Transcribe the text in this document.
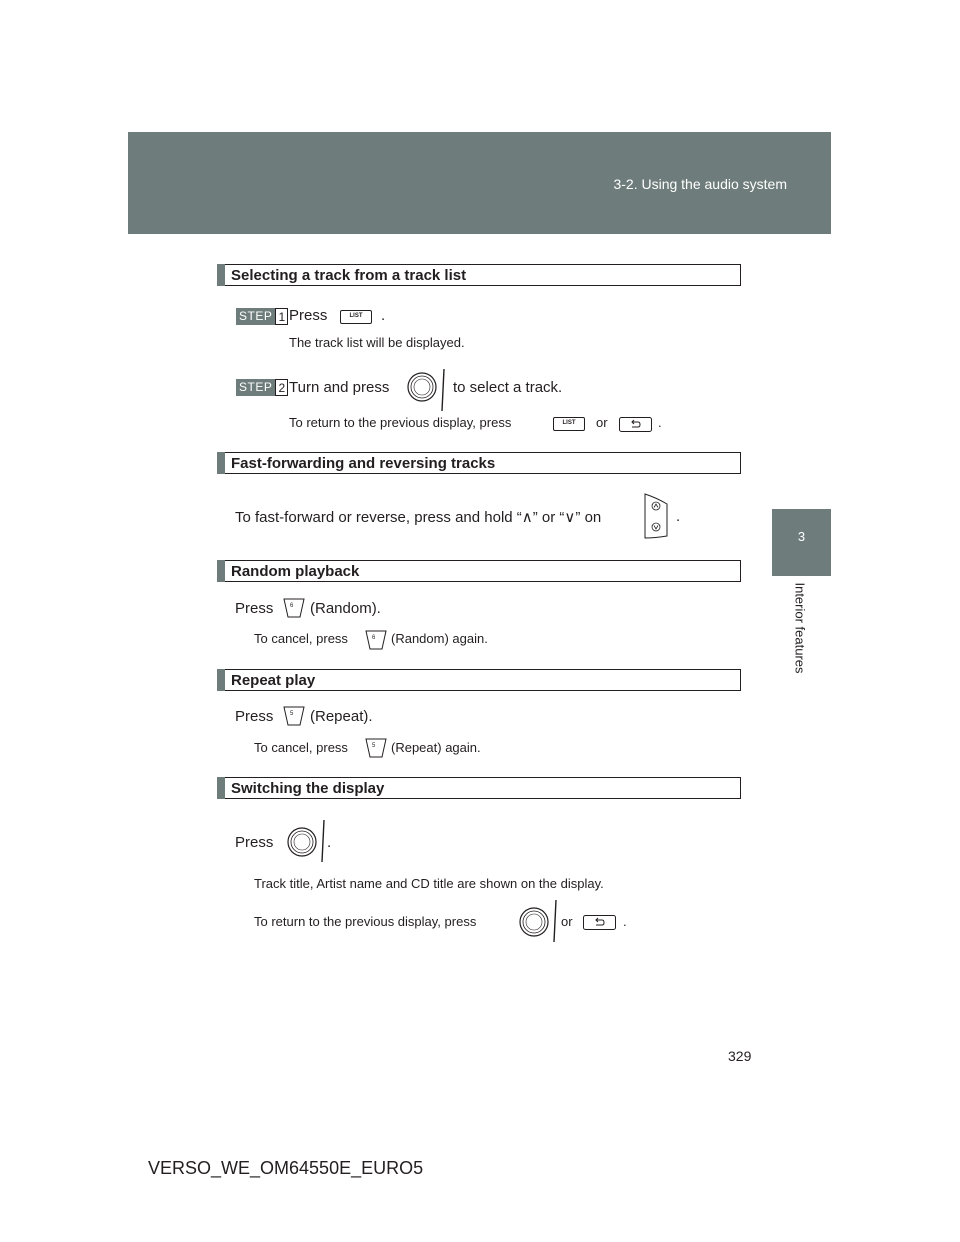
3-2. Using the audio system
3
Interior features
Selecting a track from a track list
STEP 1 Press	LIST	.
The track list will be displayed.
STEP 2 Turn and press	to select a track.
To return to the previous display, press	LIST	or	.
Fast-forwarding and reversing tracks
To fast-forward or reverse, press and hold “∧” or “∨” on	.
Random playback
Press	6 (Random).
To cancel, press	6 (Random) again.
Repeat play
Press	5 (Repeat).
To cancel, press	5 (Repeat) again.
Switching the display
Press	.
Track title, Artist name and CD title are shown on the display.
To return to the previous display, press	or	.
329
VERSO_WE_OM64550E_EURO5
